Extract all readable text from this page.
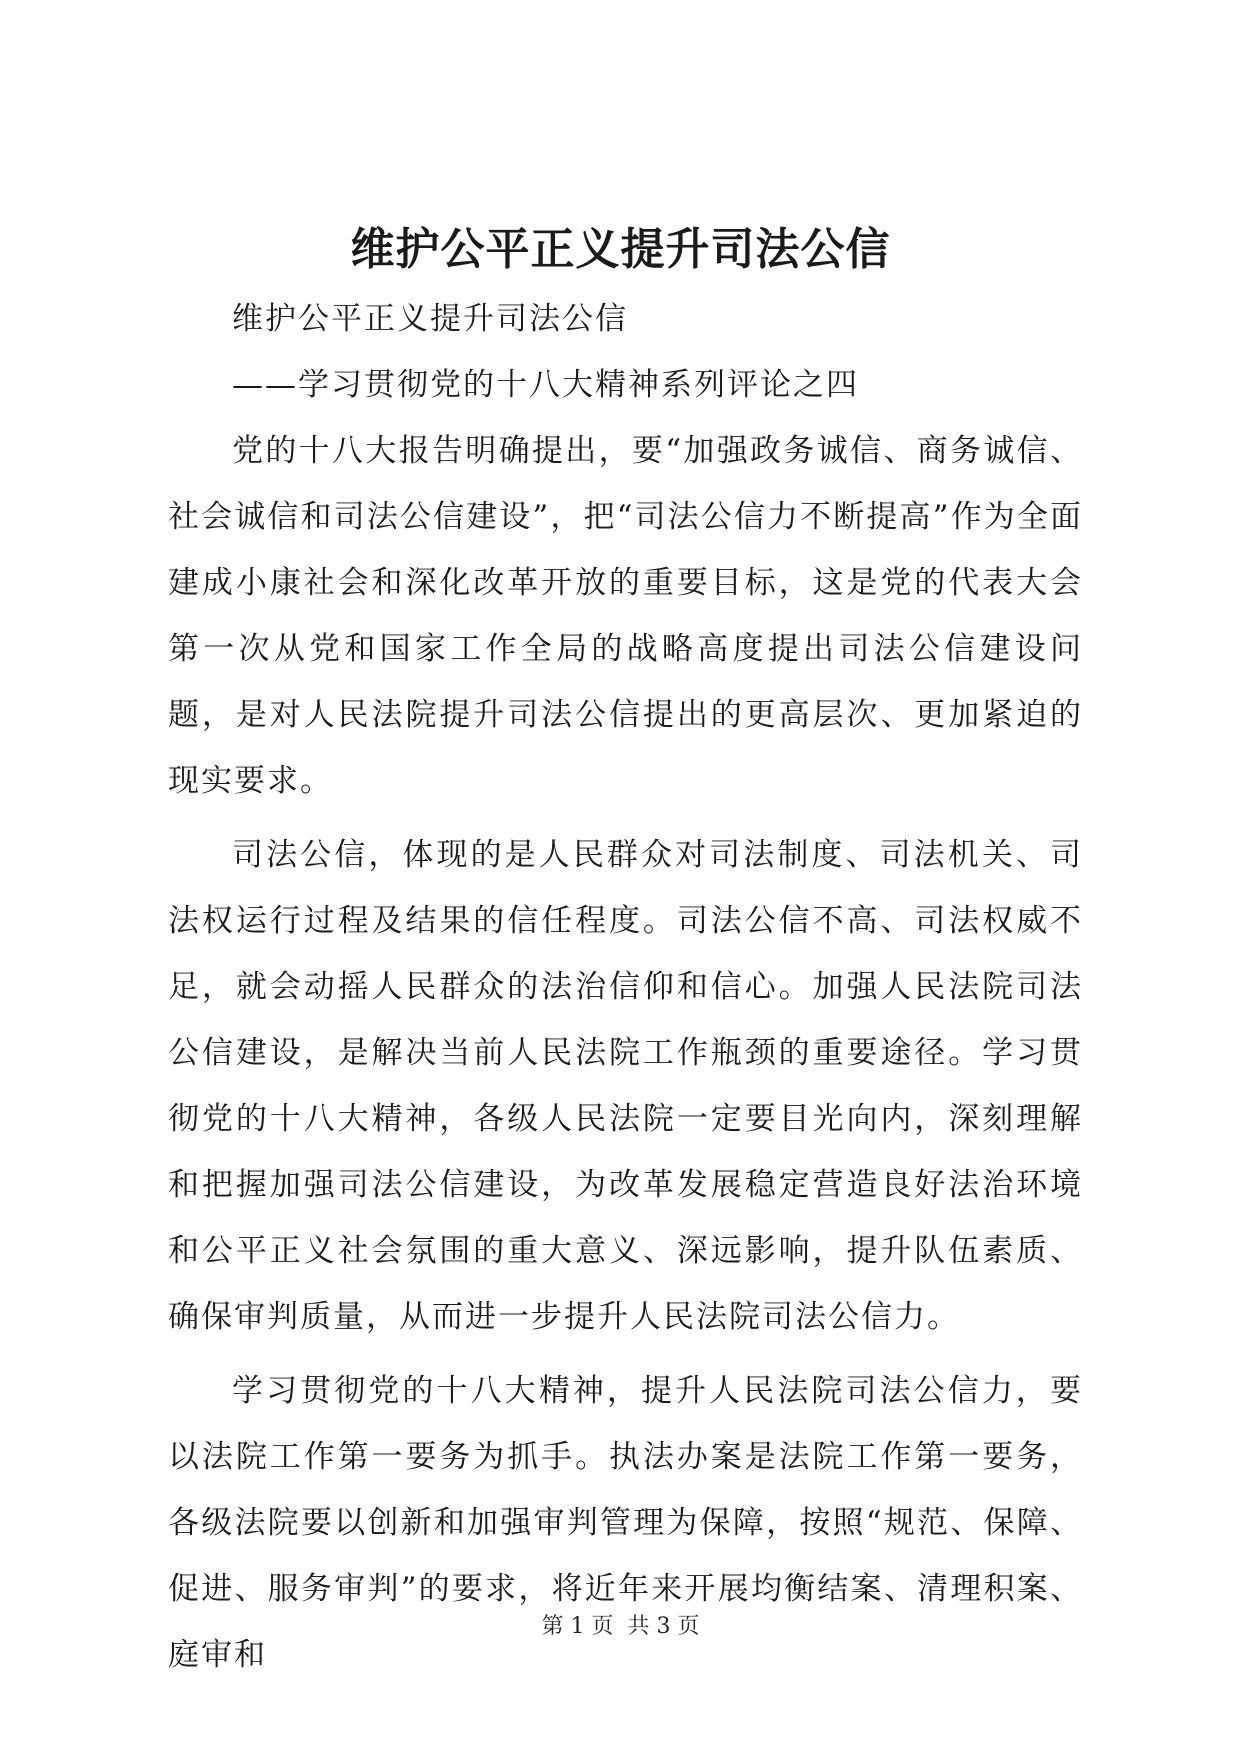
维护公平正义提升司法公信

维护公平正义提升司法公信

——学习贯彻党的十八大精神系列评论之四

党的十八大报告明确提出，要“加强政务诚信、商务诚信、社会诚信和司法公信建设”，把“司法公信力不断提高”作为全面建成小康社会和深化改革开放的重要目标，这是党的代表大会第一次从党和国家工作全局的战略高度提出司法公信建设问题，是对人民法院提升司法公信提出的更高层次、更加紧迫的现实要求。

司法公信，体现的是人民群众对司法制度、司法机关、司法权运行过程及结果的信任程度。司法公信不高、司法权威不足，就会动摇人民群众的法治信仰和信心。加强人民法院司法公信建设，是解决当前人民法院工作瓶颈的重要途径。学习贯彻党的十八大精神，各级人民法院一定要目光向内，深刻理解和把握加强司法公信建设，为改革发展稳定营造良好法治环境和公平正义社会氛围的重大意义、深远影响，提升队伍素质、确保审判质量，从而进一步提升人民法院司法公信力。

学习贯彻党的十八大精神，提升人民法院司法公信力，要以法院工作第一要务为抓手。执法办案是法院工作第一要务，各级法院要以创新和加强审判管理为保障，按照“规范、保障、促进、服务审判”的要求，将近年来开展均衡结案、清理积案、庭审和

第 1 页  共 3 页
